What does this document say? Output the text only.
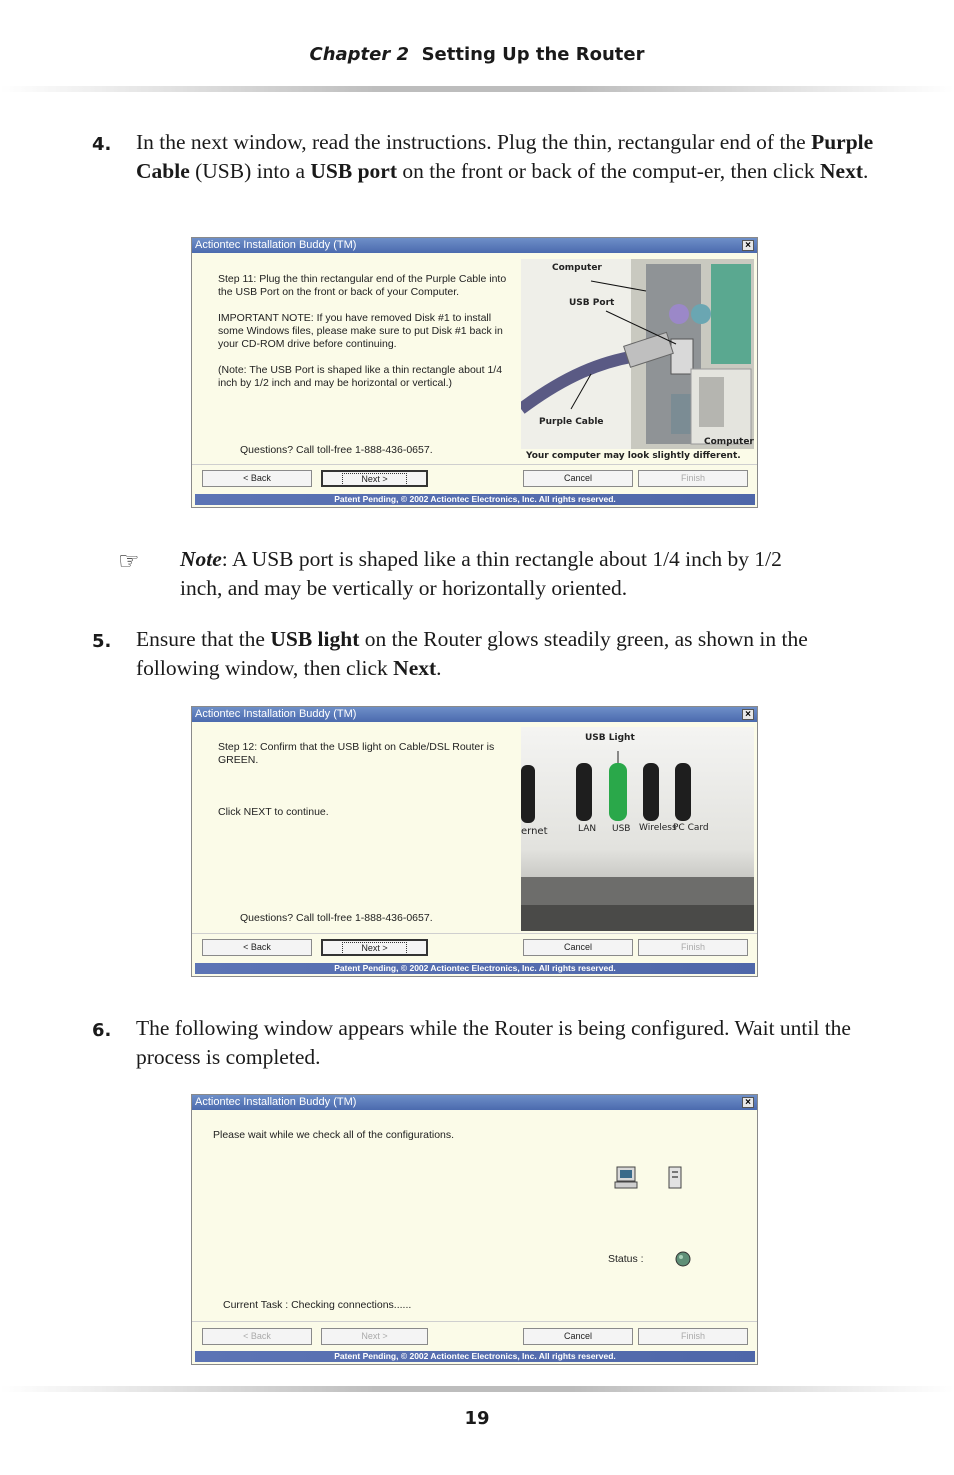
Chapter 2 Setting Up the Router
4. In the next window, read the instructions. Plug the thin, rectangular end of the Purple Cable (USB) into a USB port on the front or back of the comput-er, then click Next.
Actiontec Installation Buddy (TM)	×
Step 11: Plug the thin rectangular end of the Purple Cable into the USB Port on the front or back of your Computer.
IMPORTANT NOTE: If you have removed Disk #1 to install some Windows files, please make sure to put Disk #1 back in your CD-ROM drive before continuing.
(Note: The USB Port is shaped like a thin rectangle about 1/4 inch by 1/2 inch and may be horizontal or vertical.)
Questions? Call toll-free 1-888-436-0657.
Computer
USB Port
Purple Cable
Computer
Your computer may look slightly different.
< Back	Next >	Cancel	Finish
Patent Pending, © 2002 Actiontec Electronics, Inc. All rights reserved.
☞ Note: A USB port is shaped like a thin rectangle about 1/4 inch by 1/2 inch, and may be vertically or horizontally oriented.
5. Ensure that the USB light on the Router glows steadily green, as shown in the following window, then click Next.
Actiontec Installation Buddy (TM)	×
Step 12: Confirm that the USB light on Cable/DSL Router is GREEN.
Click NEXT to continue.
Questions? Call toll-free 1-888-436-0657.
USB Light
ernet	LAN USB Wireless
PC Card
< Back	Next >	Cancel	Finish
Patent Pending, © 2002 Actiontec Electronics, Inc. All rights reserved.
6. The following window appears while the Router is being configured. Wait until the process is completed.
Actiontec Installation Buddy (TM)	×
Please wait while we check all of the configurations.
Status :
Current Task : Checking connections......
< Back	Next >	Cancel	Finish
Patent Pending, © 2002 Actiontec Electronics, Inc. All rights reserved.
19
